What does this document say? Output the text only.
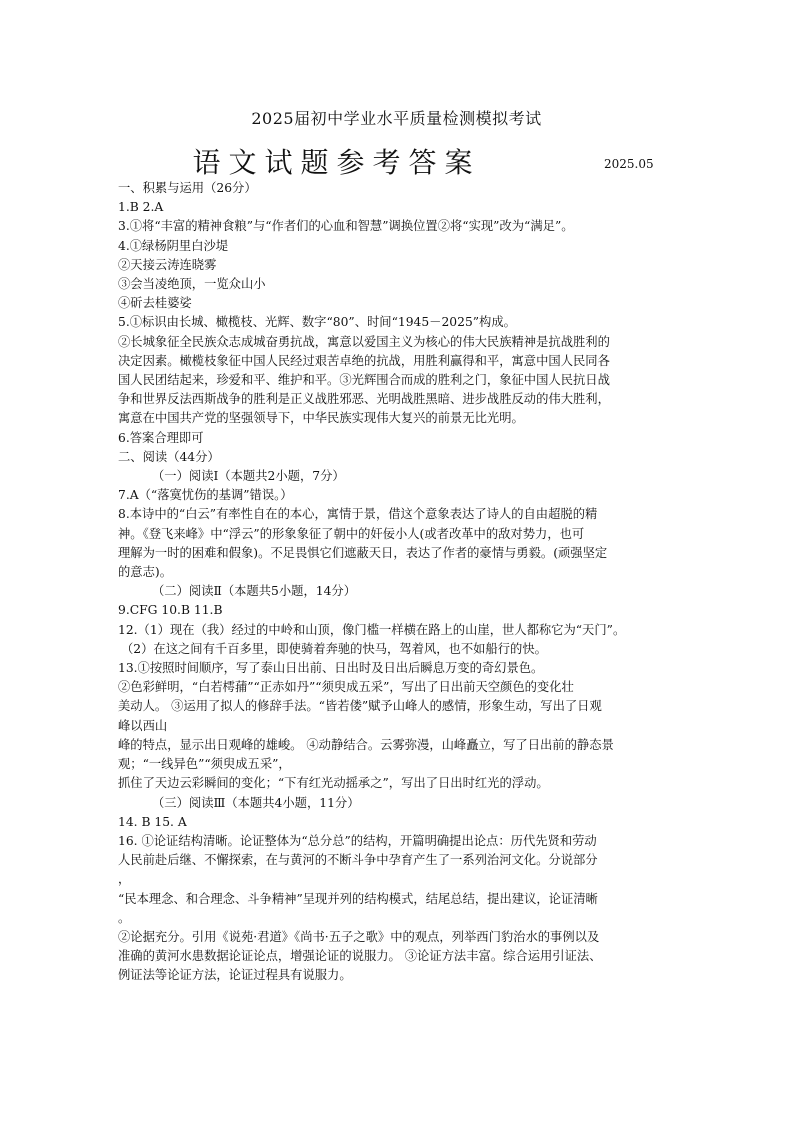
2025届初中学业水平质量检测模拟考试
语文试题参考答案	2025.05
一、积累与运用（26分）
1.B 2.A
3.①将“丰富的精神食粮”与“作者们的心血和智慧”调换位置②将“实现”改为“满足”。
4.①绿杨阴里白沙堤
②天接云涛连晓雾
③会当凌绝顶，一览众山小
④斫去桂婆娑
5.①标识由长城、橄榄枝、光辉、数字“80”、时间“1945－2025”构成。
②长城象征全民族众志成城奋勇抗战，寓意以爱国主义为核心的伟大民族精神是抗战胜利的
决定因素。橄榄枝象征中国人民经过艰苦卓绝的抗战，用胜利赢得和平，寓意中国人民同各
国人民团结起来，珍爱和平、维护和平。③光辉围合而成的胜利之门，象征中国人民抗日战
争和世界反法西斯战争的胜利是正义战胜邪恶、光明战胜黑暗、进步战胜反动的伟大胜利，
寓意在中国共产党的坚强领导下，中华民族实现伟大复兴的前景无比光明。
6.答案合理即可
二、阅读（44分）
（一）阅读Ⅰ（本题共2小题，7分）
7.A（“落寞忧伤的基调”错误。）
8.本诗中的“白云”有率性自在的本心，寓情于景，借这个意象表达了诗人的自由超脱的精
神。《登飞来峰》中“浮云”的形象象征了朝中的奸佞小人(或者改革中的敌对势力，也可
理解为一时的困难和假象)。不足畏惧它们遮蔽天日，表达了作者的豪情与勇毅。(顽强坚定
的意志)。
（二）阅读Ⅱ（本题共5小题，14分）
9.CFG 10.B 11.B
12.（1）现在（我）经过的中岭和山顶，像门槛一样横在路上的山崖，世人都称它为“天门”。
（2）在这之间有千百多里，即使骑着奔驰的快马，驾着风，也不如船行的快。
13.①按照时间顺序，写了泰山日出前、日出时及日出后瞬息万变的奇幻景色。
②色彩鲜明，“白若樗蒱”“正赤如丹”“须臾成五采”，写出了日出前天空颜色的变化壮
美动人。 ③运用了拟人的修辞手法。“皆若偻”赋予山峰人的感情，形象生动，写出了日观
峰以西山
峰的特点，显示出日观峰的雄峻。 ④动静结合。云雾弥漫，山峰矗立，写了日出前的静态景
观；“一线异色”“须臾成五采”，
抓住了天边云彩瞬间的变化；“下有红光动摇承之”，写出了日出时红光的浮动。
（三）阅读Ⅲ（本题共4小题，11分）
14. B 15. A
16. ①论证结构清晰。论证整体为“总分总”的结构，开篇明确提出论点：历代先贤和劳动
人民前赴后继、不懈探索，在与黄河的不断斗争中孕育产生了一系列治河文化。分说部分
，
“民本理念、和合理念、斗争精神”呈现并列的结构模式，结尾总结，提出建议，论证清晰
。
②论据充分。引用《说苑·君道》《尚书·五子之歌》中的观点，列举西门豹治水的事例以及
准确的黄河水患数据论证论点，增强论证的说服力。 ③论证方法丰富。综合运用引证法、
例证法等论证方法，论证过程具有说服力。
